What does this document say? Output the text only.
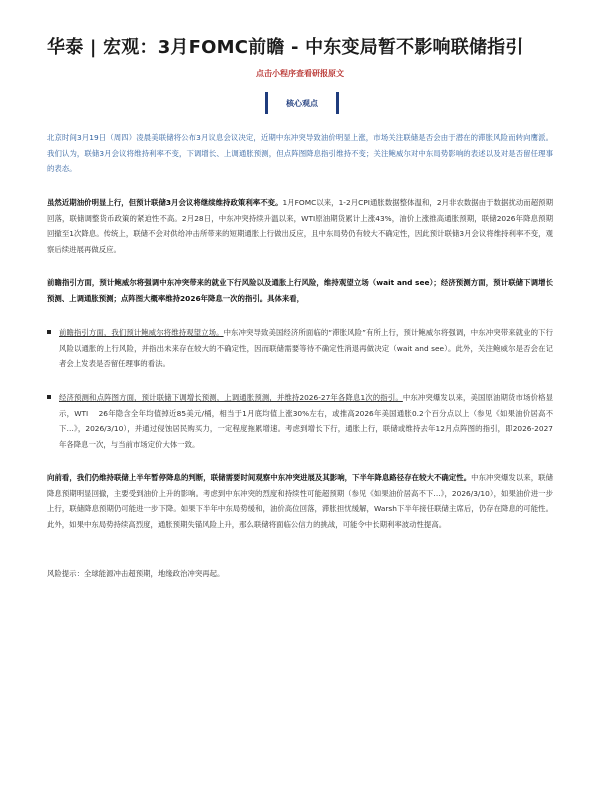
华泰 | 宏观：3月FOMC前瞻 - 中东变局暂不影响联储指引
点击小程序查看研报原文
核心观点

北京时间3月19日（周四）凌晨美联储将公布3月议息会议决定，近期中东冲突导致油价明显上涨，市场关注联储是否会由于潜在的滞胀风险而转向鹰派。我们认为，联储3月会议将维持利率不变，下调增长、上调通胀预测，但点阵图降息指引维持不变；关注鲍威尔对中东局势影响的表述以及对是否留任理事的表态。

虽然近期油价明显上行，但预计联储3月会议将继续维持政策利率不变。1月FOMC以来，1-2月CPI通胀数据整体温和，2月非农数据由于数据扰动而超预期回落，联储调整货币政策的紧迫性不高。2月28日，中东冲突持续升温以来，WTI原油期货累计上涨43%，油价上涨推高通胀预期，联储2026年降息预期回撤至1次降息。传统上，联储不会对供给冲击所带来的短期通胀上行做出反应，且中东局势仍有较大不确定性，因此预计联储3月会议将维持利率不变，观察后续进展再做反应。

前瞻指引方面，预计鲍威尔将强调中东冲突带来的就业下行风险以及通胀上行风险，维持观望立场（wait and see）；经济预测方面，预计联储下调增长预测、上调通胀预测；点阵图大概率维持2026年降息一次的指引。具体来看，

前瞻指引方面，我们预计鲍威尔将维持观望立场。中东冲突导致美国经济所面临的“滞胀风险”有所上行，预计鲍威尔将强调，中东冲突带来就业的下行风险以通胀的上行风险，并指出未来存在较大的不确定性，因而联储需要等待不确定性消退再做决定（wait and see）。此外，关注鲍威尔是否会在记者会上发表是否留任理事的看法。
经济预测和点阵图方面，预计联储下调增长预测，上调通胀预测，并维持2026-27年各降息1次的指引。中东冲突爆发以来，美国原油期货市场价格显示，WTI　 26年隐含全年均值掉近85美元/桶，相当于1月底均值上涨30%左右，或推高2026年美国通胀0.2个百分点以上（参见《如果油价居高不下…》，2026/3/10），并通过侵蚀居民购买力，一定程度拖累增速。考虑到增长下行，通胀上行，联储或维持去年12月点阵图的指引，即2026-2027年各降息一次，与当前市场定价大体一致。

向前看，我们仍维持联储上半年暂停降息的判断，联储需要时间观察中东冲突进展及其影响，下半年降息路径存在较大不确定性。中东冲突爆发以来，联储降息预期明显回撤，主要受到油价上升的影响。考虑到中东冲突的烈度和持续性可能超预期（参见《如果油价居高不下…》，2026/3/10），如果油价进一步上行，联储降息预期仍可能进一步下降。如果下半年中东局势缓和，油价高位回落，滞胀担忧缓解，Warsh下半年接任联储主席后，仍存在降息的可能性。此外，如果中东局势持续高烈度，通胀预期失锚风险上升，那么联储将面临公信力的挑战，可能令中长期利率波动性提高。

风险提示：全球能源冲击超预期，地缘政治冲突再起。
